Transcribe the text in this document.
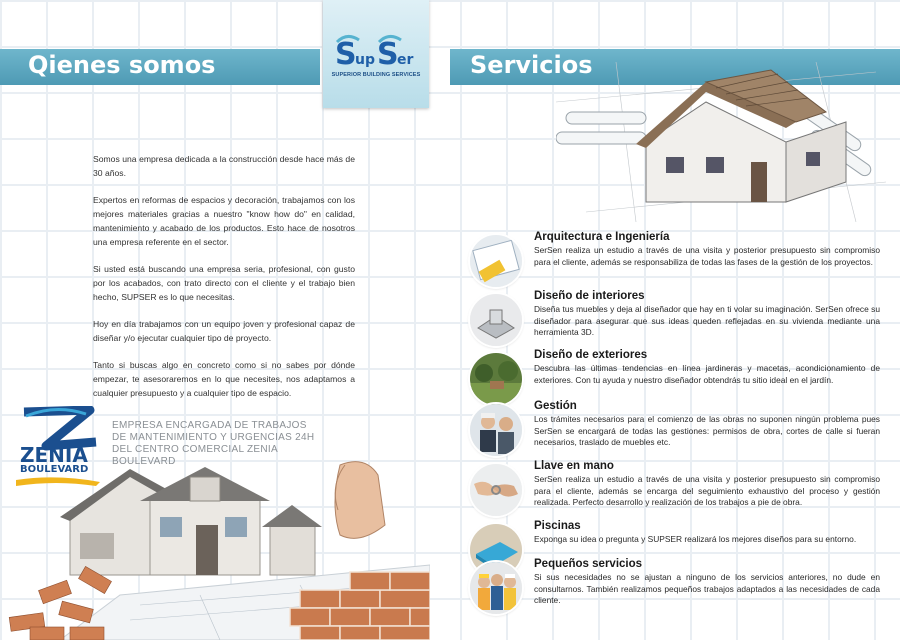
Qienes somos	Servicios
S
up S
er
SUPERIOR BUILDING SERVICES

Somos una empresa dedicada a la construcción desde hace más de 30 años.

Expertos en reformas de espacios y decoración, trabajamos con los mejores materiales gracias a nuestro "know how do" en calidad, mantenimiento y acabado de los productos. Esto hace de nosotros una empresa referente en el sector.

Si usted está buscando una empresa seria, profesional, con gusto por los acabados, con trato directo con el cliente y el trabajo bien hecho, SUPSER es lo que necesitas.

Hoy en día trabajamos con un equipo joven y profesional capaz de diseñar y/o ejecutar cualquier tipo de proyecto.

Tanto si buscas algo en concreto como si no sabes por dónde empezar, te asesoraremos en lo que necesites, nos adaptamos a cualquier presupuesto y a cualquier tipo de espacio.

ZENIA
BOULEVARD
EMPRESA ENCARGADA DE TRABAJOS DE MANTENIMIENTO Y URGENCIAS 24H DEL CENTRO COMERCIAL ZENIA BOULEVARD
Arquitectura e Ingeniería
SerSen realiza un estudio a través de una visita y posterior presupuesto sin compromiso para el cliente, además se responsabiliza de todas las fases de la gestión de los proyectos.
Diseño de interiores
Diseña tus muebles y deja al diseñador que hay en ti volar su imaginación. SerSen ofrece su diseñador para asegurar que sus ideas queden reflejadas en su vivienda mediante una herramienta 3D.
Diseño de exteriores
Descubra las últimas tendencias en línea jardineras y macetas, acondicionamiento de exteriores. Con tu ayuda y nuestro diseñador obtendrás tu sitio ideal en el jardín.
Gestión
Los trámites necesarios para el comienzo de las obras no suponen ningún problema pues SerSen se encargará de todas las gestiones: permisos de obra, cortes de calle si fueran necesarios, traslado de muebles etc.
Llave en mano
SerSen realiza un estudio a través de una visita y posterior presupuesto sin compromiso para el cliente, además se encarga del seguimiento exhaustivo del proceso y gestión realizada. Perfecto desarrollo y realización de los trabajos a pie de obra.
Piscinas
Exponga su idea o pregunta y SUPSER realizará los mejores diseños para su entorno.
Pequeños servicios
Si sus necesidades no se ajustan a ninguno de los servicios anteriores, no dude en consultarnos. También realizamos pequeños trabajos adaptados a las necesidades de cada cliente.
